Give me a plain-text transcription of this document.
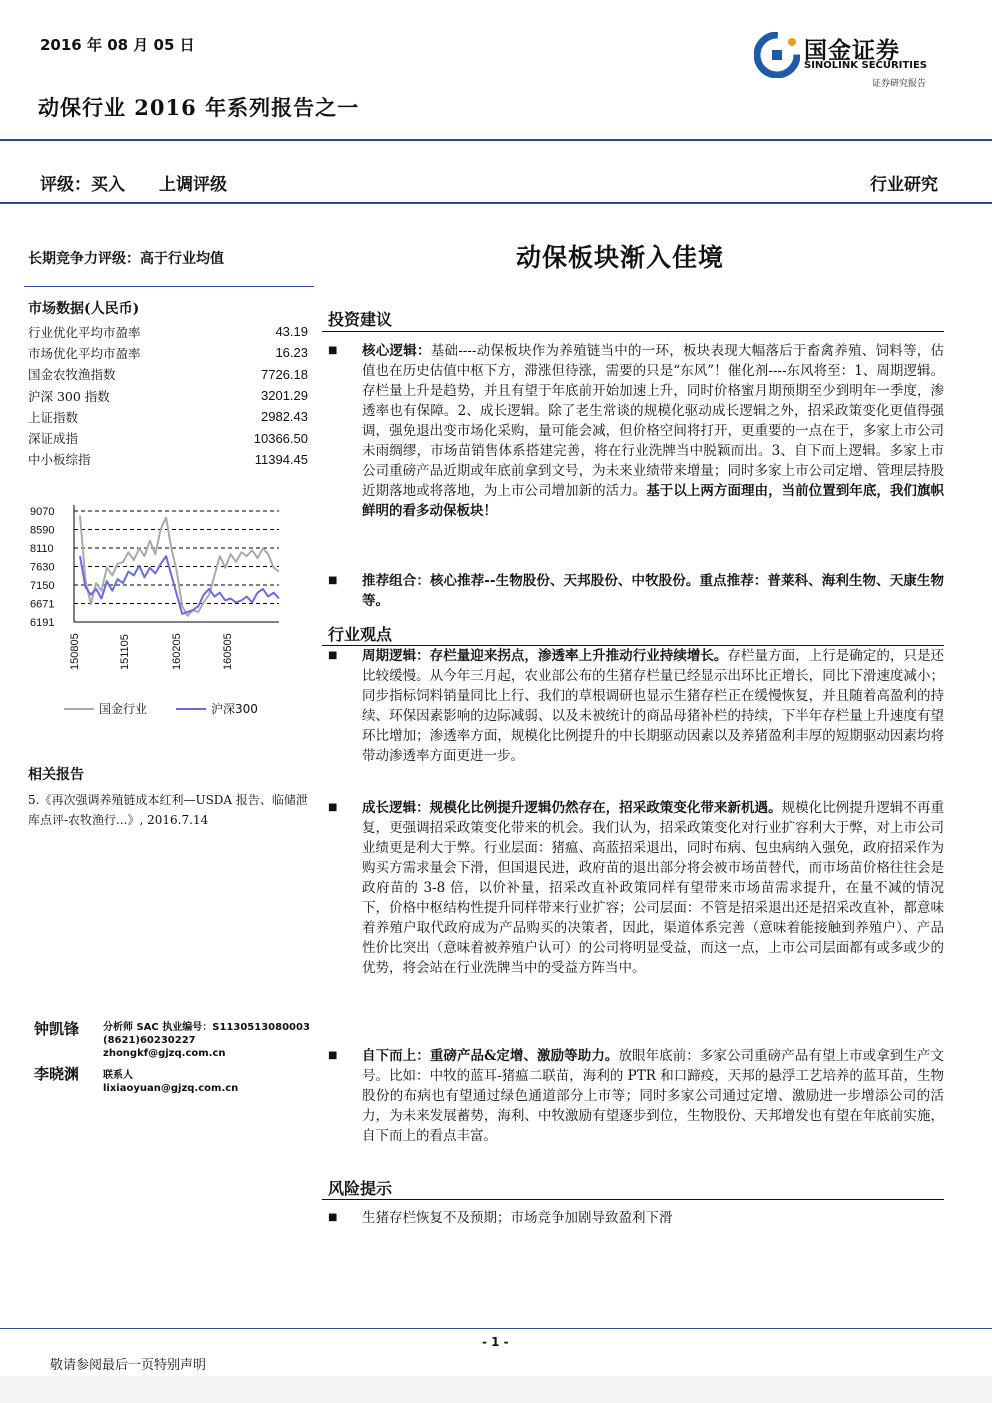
2016 年 08 月 05 日	国金证券
SINOLINK SECURITIES
证券研究报告
动保行业 2016 年系列报告之一
评级：买入 上调评级	行业研究
长期竞争力评级：高于行业均值
市场数据(人民币)
行业优化平均市盈率	43.19
市场优化平均市盈率	16.23
国金农牧渔指数	7726.18
沪深 300 指数	3201.29
上证指数	2982.43
深证成指	10366.50
中小板综指	11394.45
9070
8590
8110
7630
7150
6671
6191
150805	151105	160205	160505
国金行业	沪深300
相关报告
5.《再次强调养殖链成本红利—USDA 报告、临储泄库点评-农牧渔行...》, 2016.7.14
钟凯锋 分析师 SAC 执业编号：S1130513080003
(8621)60230227
zhongkf@gjzq.com.cn
李晓渊 联系人
lixiaoyuan@gjzq.com.cn
动保板块渐入佳境
投资建议
■ 核心逻辑：基础----动保板块作为养殖链当中的一环，板块表现大幅落后于畜禽养殖、饲料等，估值也在历史估值中枢下方，滞涨但待涨，需要的只是“东风”！催化剂----东风将至：1、周期逻辑。存栏量上升是趋势，并且有望于年底前开始加速上升，同时价格蜜月期预期至少到明年一季度，渗透率也有保障。2、成长逻辑。除了老生常谈的规模化驱动成长逻辑之外，招采政策变化更值得强调，强免退出变市场化采购，量可能会减，但价格空间将打开，更重要的一点在于，多家上市公司未雨绸缪，市场苗销售体系搭建完善，将在行业洗牌当中脱颖而出。3、自下而上逻辑。多家上市公司重磅产品近期或年底前拿到文号，为未来业绩带来增量；同时多家上市公司定增、管理层持股近期落地或将落地，为上市公司增加新的活力。基于以上两方面理由，当前位置到年底，我们旗帜鲜明的看多动保板块！
■ 推荐组合：核心推荐--生物股份、天邦股份、中牧股份。重点推荐：普莱科、海利生物、天康生物等。
行业观点
■ 周期逻辑：存栏量迎来拐点，渗透率上升推动行业持续增长。存栏量方面，上行是确定的，只是还比较缓慢。从今年三月起，农业部公布的生猪存栏量已经显示出环比正增长，同比下滑速度减小；同步指标饲料销量同比上行、我们的草根调研也显示生猪存栏正在缓慢恢复，并且随着高盈利的持续、环保因素影响的边际减弱、以及未被统计的商品母猪补栏的持续，下半年存栏量上升速度有望环比增加；渗透率方面，规模化比例提升的中长期驱动因素以及养猪盈利丰厚的短期驱动因素均将带动渗透率方面更进一步。
■ 成长逻辑：规模化比例提升逻辑仍然存在，招采政策变化带来新机遇。规模化比例提升逻辑不再重复，更强调招采政策变化带来的机会。我们认为，招采政策变化对行业扩容利大于弊，对上市公司业绩更是利大于弊。行业层面：猪瘟、高蓝招采退出，同时布病、包虫病纳入强免，政府招采作为购买方需求量会下滑，但国退民进，政府苗的退出部分将会被市场苗替代，而市场苗价格往往会是政府苗的 3-8 倍，以价补量，招采改直补政策同样有望带来市场苗需求提升，在量不减的情况下，价格中枢结构性提升同样带来行业扩容；公司层面：不管是招采退出还是招采改直补，都意味着养殖户取代政府成为产品购买的决策者，因此，渠道体系完善（意味着能接触到养殖户）、产品性价比突出（意味着被养殖户认可）的公司将明显受益，而这一点，上市公司层面都有或多或少的优势，将会站在行业洗牌当中的受益方阵当中。
■ 自下而上：重磅产品&定增、激励等助力。放眼年底前：多家公司重磅产品有望上市或拿到生产文号。比如：中牧的蓝耳-猪瘟二联苗，海利的 PTR 和口蹄疫，天邦的悬浮工艺培养的蓝耳苗，生物股份的布病也有望通过绿色通道部分上市等；同时多家公司通过定增、激励进一步增添公司的活力，为未来发展蓄势，海利、中牧激励有望逐步到位，生物股份、天邦增发也有望在年底前实施，自下而上的看点丰富。
风险提示
■ 生猪存栏恢复不及预期；市场竞争加剧导致盈利下滑
- 1 -
敬请参阅最后一页特别声明
